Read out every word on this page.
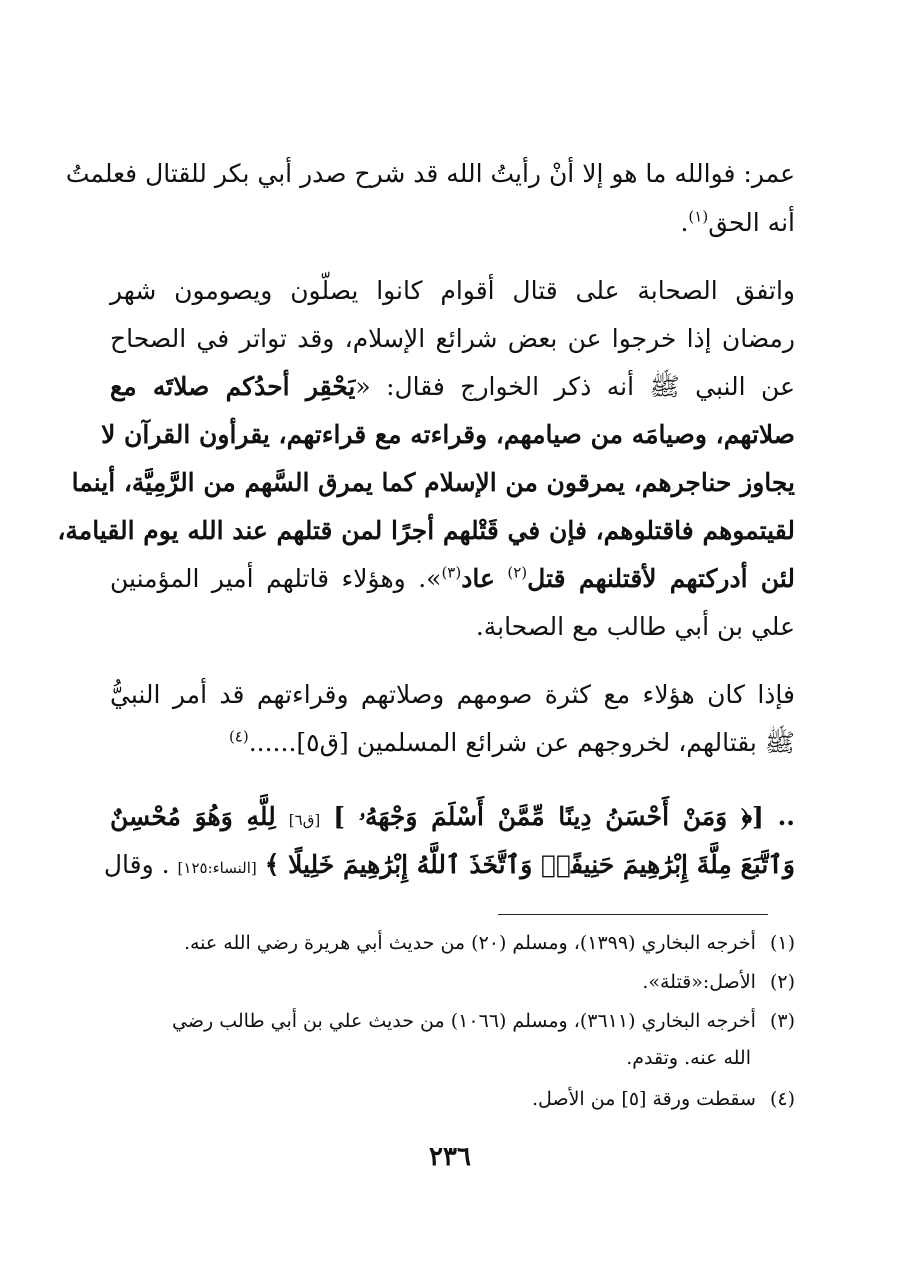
عمر: فوالله ما هو إلا أنْ رأيتُ الله قد شرح صدر أبي بكر للقتال فعلمتُ
أنه الحق$^{(١)}$.
واتفق الصحابة على قتال أقوام كانوا يصلّون ويصومون شهر
رمضان إذا خرجوا عن بعض شرائع الإسلام، وقد تواتر في الصحاح
عن النبي ﷺ أنه ذكر الخوارج فقال: «يَحْقِر أحدُكم صلاتَه مع
صلاتهم، وصيامَه من صيامهم، وقراءته مع قراءتهم، يقرأون القرآن لا
يجاوز حناجرهم، يمرقون من الإسلام كما يمرق السَّهم من الرَّمِيَّة، أينما
لقيتموهم فاقتلوهم، فإن في قَتْلهم أجرًا لمن قتلهم عند الله يوم القيامة،
لئن أدركتهم لأقتلنهم قتل$^{(٢)}$ عاد$^{(٣)}$». وهؤلاء قاتلهم أمير المؤمنين
علي بن أبي طالب مع الصحابة.
فإذا كان هؤلاء مع كثرة صومهم وصلاتهم وقراءتهم قد أمر النبيُّ
ﷺ بقتالهم، لخروجهم عن شرائع المسلمين [ق٥]......$^{(٤)}$
.. [﴿ وَمَنْ أَحْسَنُ دِينًا مِّمَّنْ أَسْلَمَ وَجْهَهُۥ ] [ق٦] لِلَّهِ وَهُوَ مُحْسِنٌ
وَٱتَّبَعَ مِلَّةَ إِبْرَٰهِيمَ حَنِيفًاۗ وَٱتَّخَذَ ٱللَّهُ إِبْرَٰهِيمَ خَلِيلًا ﴾ [النساء:١٢٥] . وقال
(١)أخرجه البخاري (١٣٩٩)، ومسلم (٢٠) من حديث أبي هريرة رضي الله عنه.
(٢)الأصل:«قتلة».
(٣)أخرجه البخاري (٣٦١١)، ومسلم (١٠٦٦) من حديث علي بن أبي طالب رضي
الله عنه. وتقدم.
(٤)سقطت ورقة [٥] من الأصل.
٢٣٦
